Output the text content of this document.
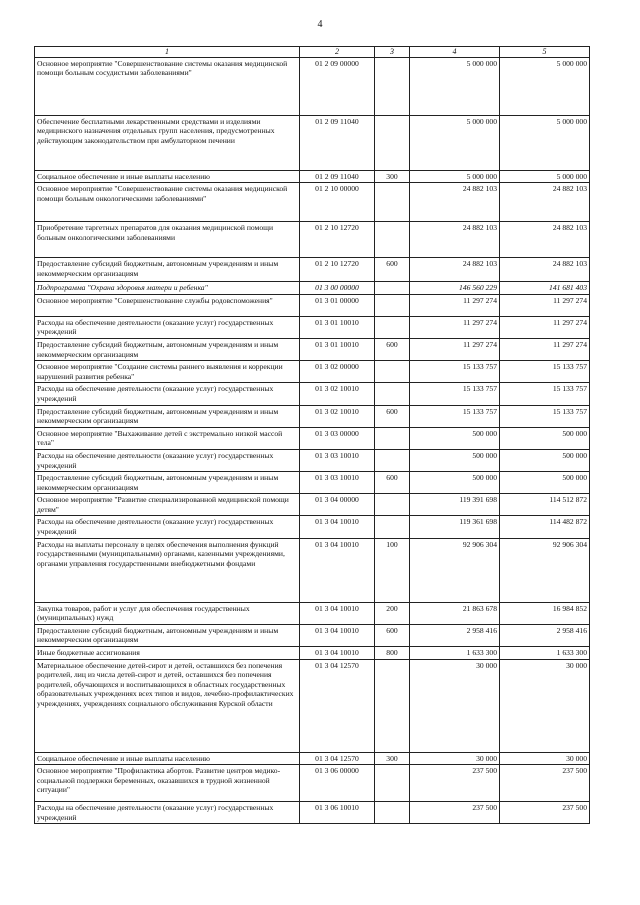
4
1	2	3	4	5
Основное мероприятие "Совершенствование системы оказания медицинской помощи больным сосудистыми заболеваниями"	01 2 09 00000		5 000 000	5 000 000
Обеспечение бесплатными лекарственными средствами и изделиями медицинского назначения отдельных групп населения, предусмотренных действующим законодательством при амбулаторном печении	01 2 09 11040		5 000 000	5 000 000
Социальное обеспечение и иные выплаты населению	01 2 09 11040	300	5 000 000	5 000 000
Основное мероприятие "Совершенствование системы оказания медицинской помощи больным онкологическими заболеваниями"	01 2 10 00000		24 882 103	24 882 103
Приобретение таргетных препаратов для оказания медицинской помощи больным онкологическими заболеваниями	01 2 10 12720		24 882 103	24 882 103
Предоставление субсидий бюджетным, автономным учреждениям и иным некоммерческим организациям	01 2 10 12720	600	24 882 103	24 882 103
Подпрограмма "Охрана здоровья матери и ребенка"	01 3 00 00000		146 560 229	141 681 403
Основное мероприятие "Совершенствование службы родовспоможения"	01 3 01 00000		11 297 274	11 297 274
Расходы на обеспечение деятельности (оказание услуг) государственных учреждений	01 3 01 10010		11 297 274	11 297 274
Предоставление субсидий бюджетным, автономным учреждениям и иным некоммерческим организациям	01 3 01 10010	600	11 297 274	11 297 274
Основное мероприятие "Создание системы раннего выявления и коррекции нарушений развития ребенка"	01 3 02 00000		15 133 757	15 133 757
Расходы на обеспечение деятельности (оказание услуг) государственных учреждений	01 3 02 10010		15 133 757	15 133 757
Предоставление субсидий бюджетным, автономным учреждениям и иным некоммерческим организациям	01 3 02 10010	600	15 133 757	15 133 757
Основное мероприятие "Выхаживание детей с экстремально низкой массой тела"	01 3 03 00000		500 000	500 000
Расходы на обеспечение деятельности (оказание услуг) государственных учреждений	01 3 03 10010		500 000	500 000
Предоставление субсидий бюджетным, автономным учреждениям и иным некоммерческим организациям	01 3 03 10010	600	500 000	500 000
Основное мероприятие "Развитие специализированной медицинской помощи детям"	01 3 04 00000		119 391 698	114 512 872
Расходы на обеспечение деятельности (оказание услуг) государственных учреждений	01 3 04 10010		119 361 698	114 482 872
Расходы на выплаты персоналу в целях обеспечения выполнения функций государственными (муниципальными) органами, казенными учреждениями, органами управления государственными внебюджетными фондами	01 3 04 10010	100	92 906 304	92 906 304
Закупка товаров, работ и услуг для обеспечения государственных (муниципальных) нужд	01 3 04 10010	200	21 863 678	16 984 852
Предоставление субсидий бюджетным, автономным учреждениям и иным некоммерческим организациям	01 3 04 10010	600	2 958 416	2 958 416
Иные бюджетные ассигнования	01 3 04 10010	800	1 633 300	1 633 300
Материальное обеспечение детей-сирот и детей, оставшихся без попечения родителей, лиц из числа детей-сирот и детей, оставшихся без попечения родителей, обучающихся и воспитывающихся в областных государственных образовательных учреждениях всех типов и видов, лечебно-профилактических учреждениях, учреждениях социального обслуживания Курской области	01 3 04 12570		30 000	30 000
Социальное обеспечение и иные выплаты населению	01 3 04 12570	300	30 000	30 000
Основное мероприятие "Профилактика абортов. Развитие центров медико-социальной подлержки беременных, оказавшихся в трудной жизненной ситуации"	01 3 06 00000		237 500	237 500
Расходы на обеспечение деятельности (оказание услуг) государственных учреждений	01 3 06 10010		237 500	237 500
